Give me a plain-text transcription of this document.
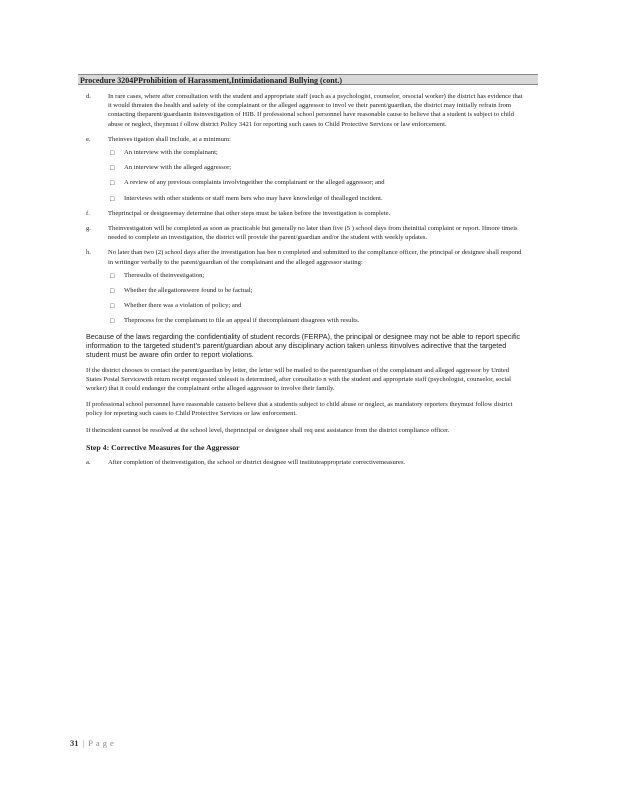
Procedure 3204PProhibition of Harassment,Intimidationand Bullying (cont.)
d.	In rare cases, where after consultation with the student and appropriate staff (such as a psychologist, counselor, orsocial worker) the district has evidence that it would threaten the health and safety of the complainant or the alleged aggressor to invol ve their parent/guardian, the district may initially refrain from contacting theparent/guardianin itsinvestigation of HIB. If professional school personnel have reasonable cause to believe that a student is subject to child abuse or neglect, theymust f ollow district Policy 3421 for reporting such cases to Child Protective Services or law enforcement.
e.	Theinves tigation shall include, at a minimum:
□ An interview with the complainant;
□ An interview with the alleged aggressor;
□ A review of any previous complaints involvingeither the complainant or the alleged aggressor; and
□ Interviews with other students or staff mem bers who may have knowledge of thealleged incident.
f.	Theprincipal or designeemay determine that other steps must be taken before the investigation is complete.
g.	Theinvestigation will be completed as soon as practicable but generally no later than five (5 ) school days from theinitial complaint or report. Ifmore timeis needed to complete an investigation, the district will provide the parent/guardian and/or the student with weekly updates.
h.	No later than two (2) school days after the investigation has bee n completed and submitted to the compliance officer, the principal or designee shall respond in writingor verbally to the parent/guardian of the complainant and the alleged aggressor stating:
□ Theresults of theinvestigation;
□ Whether the allegationswere found to be factual;
□ Whether there was a violation of policy; and
□ Theprocess for the complainant to file an appeal if thecomplainant disagrees with results.
Because of the laws regarding the confidentiality of student records (FERPA), the principal or designee may not be able to report specific information to the targeted student’s parent/guardian about any disciplinary action taken unless itinvolves adirective that the targeted student must be aware ofin order to report violations.
If the district chooses to contact the parent/guardian by letter, the letter will be mailed to the parent/guardian of the complainant and alleged aggressor by United States Postal Servicewith return receipt requested unlessit is determined, after consultatio n with the student and appropriate staff (psychologist, counselor, social worker) that it could endanger the complainant orthe alleged aggressor to involve their family.
If professional school personnel have reasonable causeto believe that a studentis subject to child abuse or neglect, as mandatory reporters theymust follow district policy for reporting such cases to Child Protective Services or law enforcement.
If theincident cannot be resolved at the school level, theprincipal or designee shall req uest assistance from the district compliance officer.
Step 4: Corrective Measures for the Aggressor
a.	After completion of theinvestigation, the school or district designee will instituteappropriate correctivemeasures.
31 | Page
